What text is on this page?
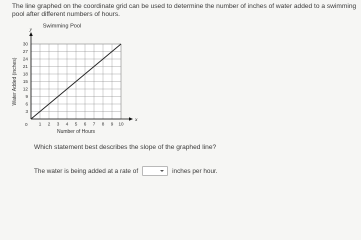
The line graphed on the coordinate grid can be used to determine the number of inches of water added to a swimming pool after different numbers of hours.

Swimming Pool
x
y
0 1 2 3 4 5 6 7 8 9 10
3
6
9
12
15
18
21
24
27
30
Number of Hours
Water Added (inches)

Which statement best describes the slope of the graphed line?

The water is being added at a rate of	inches per hour.
